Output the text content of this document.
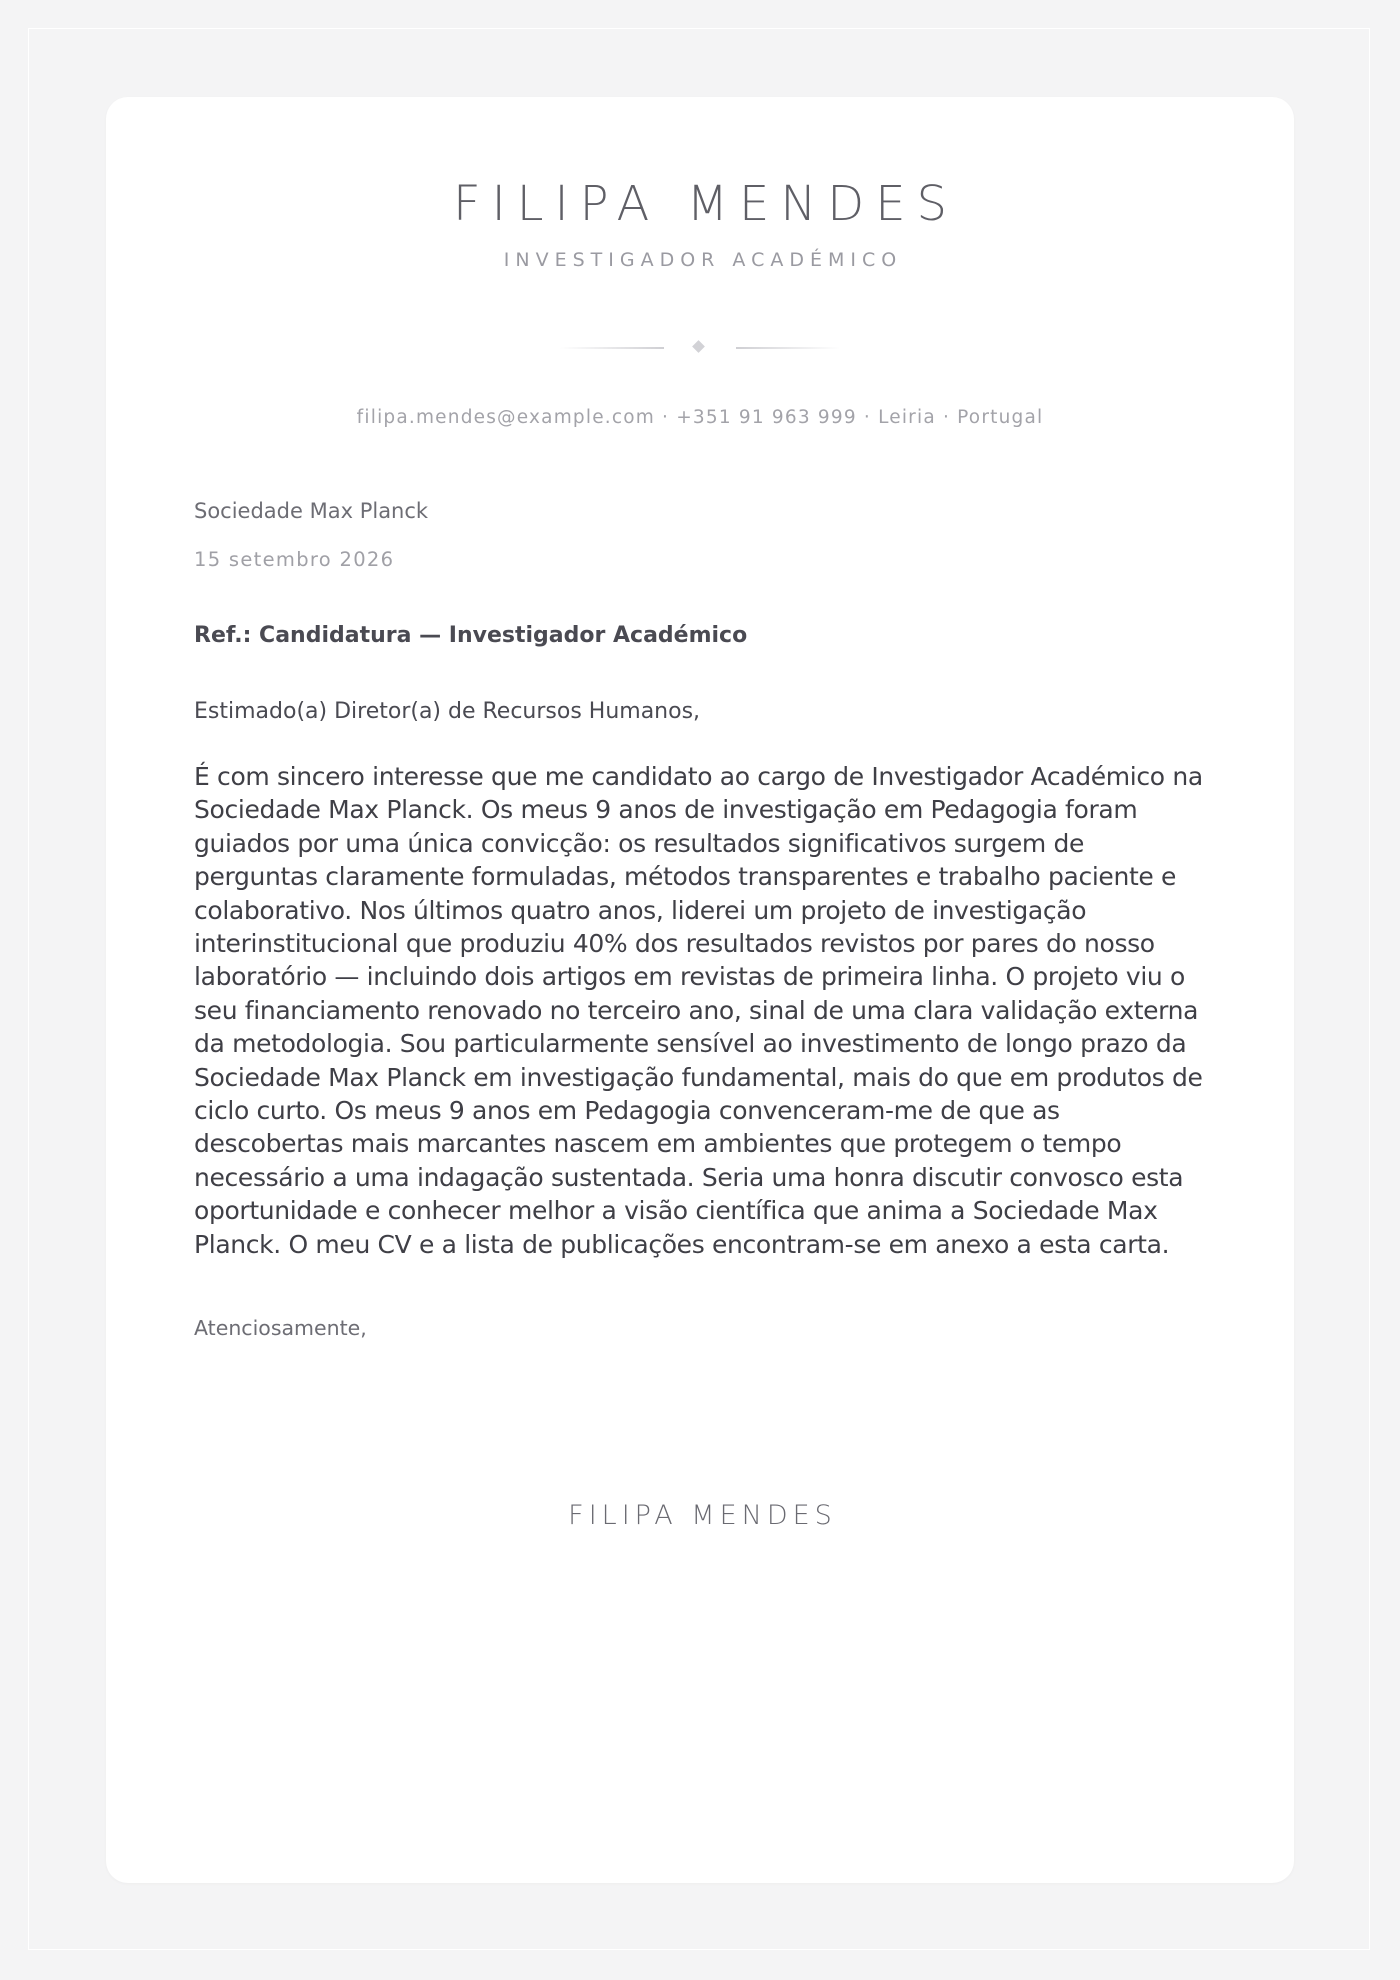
FILIPA MENDES
INVESTIGADOR ACADÉMICO
filipa.mendes@example.com · +351 91 963 999 · Leiria · Portugal

Sociedade Max Planck

15 setembro 2026
Ref.: Candidatura — Investigador Académico
Estimado(a) Diretor(a) de Recursos Humanos,
É com sincero interesse que me candidato ao cargo de Investigador Académico na Sociedade Max Planck. Os meus 9 anos de investigação em Pedagogia foram guiados por uma única convicção: os resultados significativos surgem de perguntas claramente formuladas, métodos transparentes e trabalho paciente e colaborativo. Nos últimos quatro anos, liderei um projeto de investigação interinstitucional que produziu 40% dos resultados revistos por pares do nosso laboratório — incluindo dois artigos em revistas de primeira linha. O projeto viu o seu financiamento renovado no terceiro ano, sinal de uma clara validação externa da metodologia. Sou particularmente sensível ao investimento de longo prazo da Sociedade Max Planck em investigação fundamental, mais do que em produtos de ciclo curto. Os meus 9 anos em Pedagogia convenceram-me de que as descobertas mais marcantes nascem em ambientes que protegem o tempo necessário a uma indagação sustentada. Seria uma honra discutir convosco esta oportunidade e conhecer melhor a visão científica que anima a Sociedade Max Planck. O meu CV e a lista de publicações encontram-se em anexo a esta carta.
Atenciosamente,
FILIPA MENDES
